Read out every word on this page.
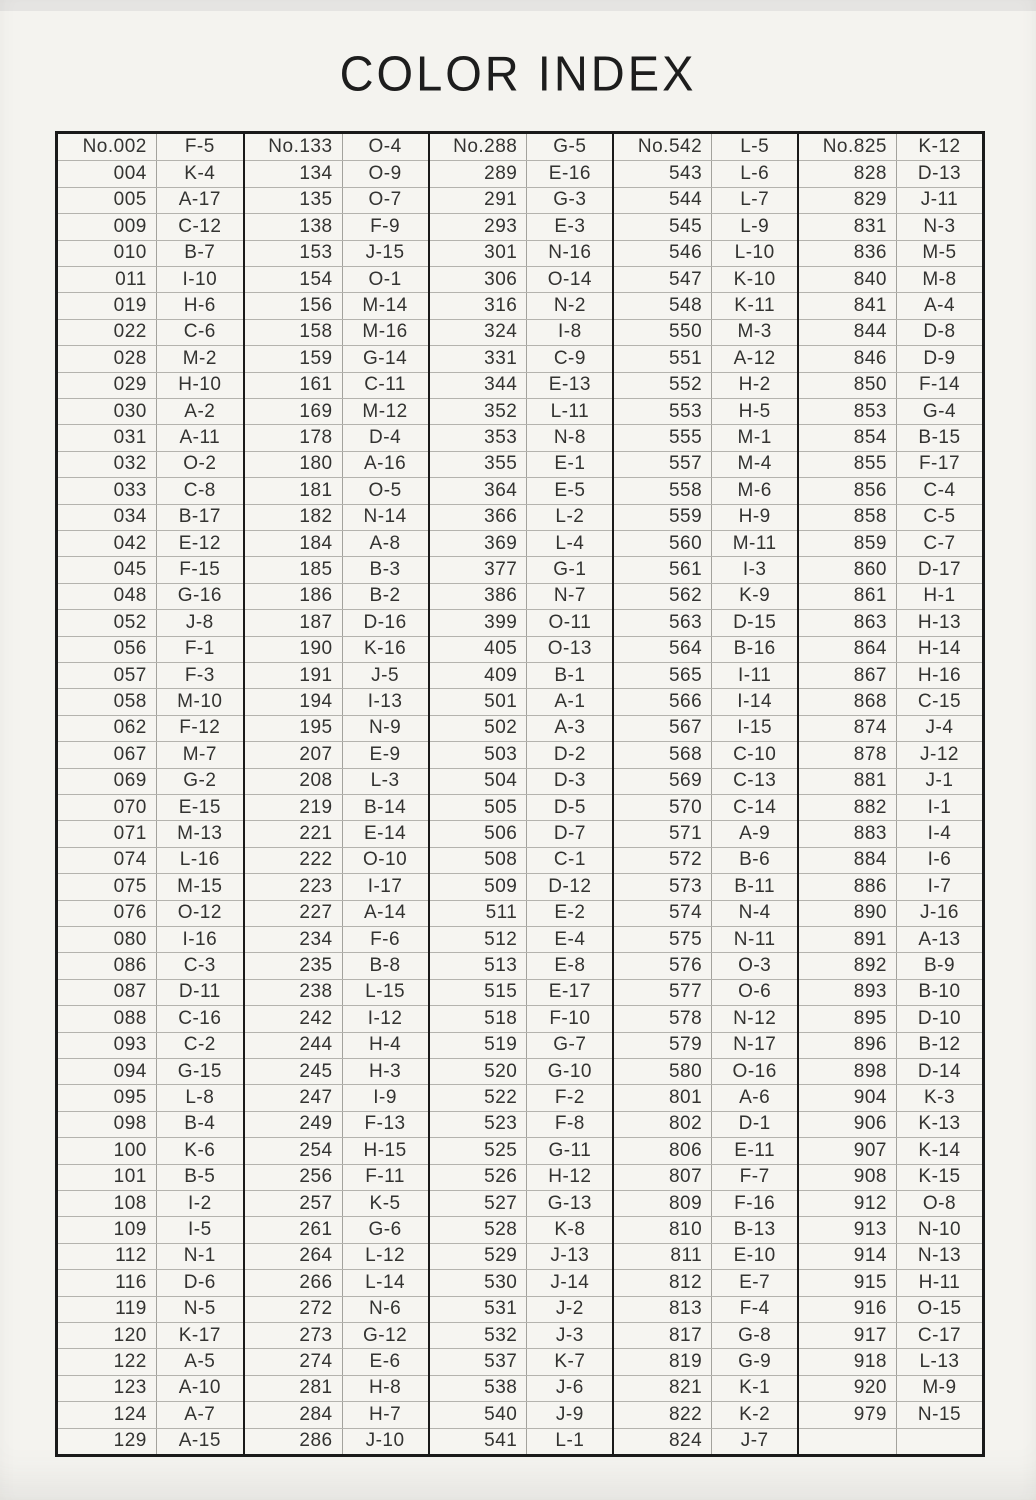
COLOR INDEX
No.002	F-5
004	K-4
005	A-17
009	C-12
010	B-7
011	I-10
019	H-6
022	C-6
028	M-2
029	H-10
030	A-2
031	A-11
032	O-2
033	C-8
034	B-17
042	E-12
045	F-15
048	G-16
052	J-8
056	F-1
057	F-3
058	M-10
062	F-12
067	M-7
069	G-2
070	E-15
071	M-13
074	L-16
075	M-15
076	O-12
080	I-16
086	C-3
087	D-11
088	C-16
093	C-2
094	G-15
095	L-8
098	B-4
100	K-6
101	B-5
108	I-2
109	I-5
112	N-1
116	D-6
119	N-5
120	K-17
122	A-5
123	A-10
124	A-7
129	A-15
No.133	O-4
134	O-9
135	O-7
138	F-9
153	J-15
154	O-1
156	M-14
158	M-16
159	G-14
161	C-11
169	M-12
178	D-4
180	A-16
181	O-5
182	N-14
184	A-8
185	B-3
186	B-2
187	D-16
190	K-16
191	J-5
194	I-13
195	N-9
207	E-9
208	L-3
219	B-14
221	E-14
222	O-10
223	I-17
227	A-14
234	F-6
235	B-8
238	L-15
242	I-12
244	H-4
245	H-3
247	I-9
249	F-13
254	H-15
256	F-11
257	K-5
261	G-6
264	L-12
266	L-14
272	N-6
273	G-12
274	E-6
281	H-8
284	H-7
286	J-10
No.288	G-5
289	E-16
291	G-3
293	E-3
301	N-16
306	O-14
316	N-2
324	I-8
331	C-9
344	E-13
352	L-11
353	N-8
355	E-1
364	E-5
366	L-2
369	L-4
377	G-1
386	N-7
399	O-11
405	O-13
409	B-1
501	A-1
502	A-3
503	D-2
504	D-3
505	D-5
506	D-7
508	C-1
509	D-12
511	E-2
512	E-4
513	E-8
515	E-17
518	F-10
519	G-7
520	G-10
522	F-2
523	F-8
525	G-11
526	H-12
527	G-13
528	K-8
529	J-13
530	J-14
531	J-2
532	J-3
537	K-7
538	J-6
540	J-9
541	L-1
No.542	L-5
543	L-6
544	L-7
545	L-9
546	L-10
547	K-10
548	K-11
550	M-3
551	A-12
552	H-2
553	H-5
555	M-1
557	M-4
558	M-6
559	H-9
560	M-11
561	I-3
562	K-9
563	D-15
564	B-16
565	I-11
566	I-14
567	I-15
568	C-10
569	C-13
570	C-14
571	A-9
572	B-6
573	B-11
574	N-4
575	N-11
576	O-3
577	O-6
578	N-12
579	N-17
580	O-16
801	A-6
802	D-1
806	E-11
807	F-7
809	F-16
810	B-13
811	E-10
812	E-7
813	F-4
817	G-8
819	G-9
821	K-1
822	K-2
824	J-7
No.825	K-12
828	D-13
829	J-11
831	N-3
836	M-5
840	M-8
841	A-4
844	D-8
846	D-9
850	F-14
853	G-4
854	B-15
855	F-17
856	C-4
858	C-5
859	C-7
860	D-17
861	H-1
863	H-13
864	H-14
867	H-16
868	C-15
874	J-4
878	J-12
881	J-1
882	I-1
883	I-4
884	I-6
886	I-7
890	J-16
891	A-13
892	B-9
893	B-10
895	D-10
896	B-12
898	D-14
904	K-3
906	K-13
907	K-14
908	K-15
912	O-8
913	N-10
914	N-13
915	H-11
916	O-15
917	C-17
918	L-13
920	M-9
979	N-15
